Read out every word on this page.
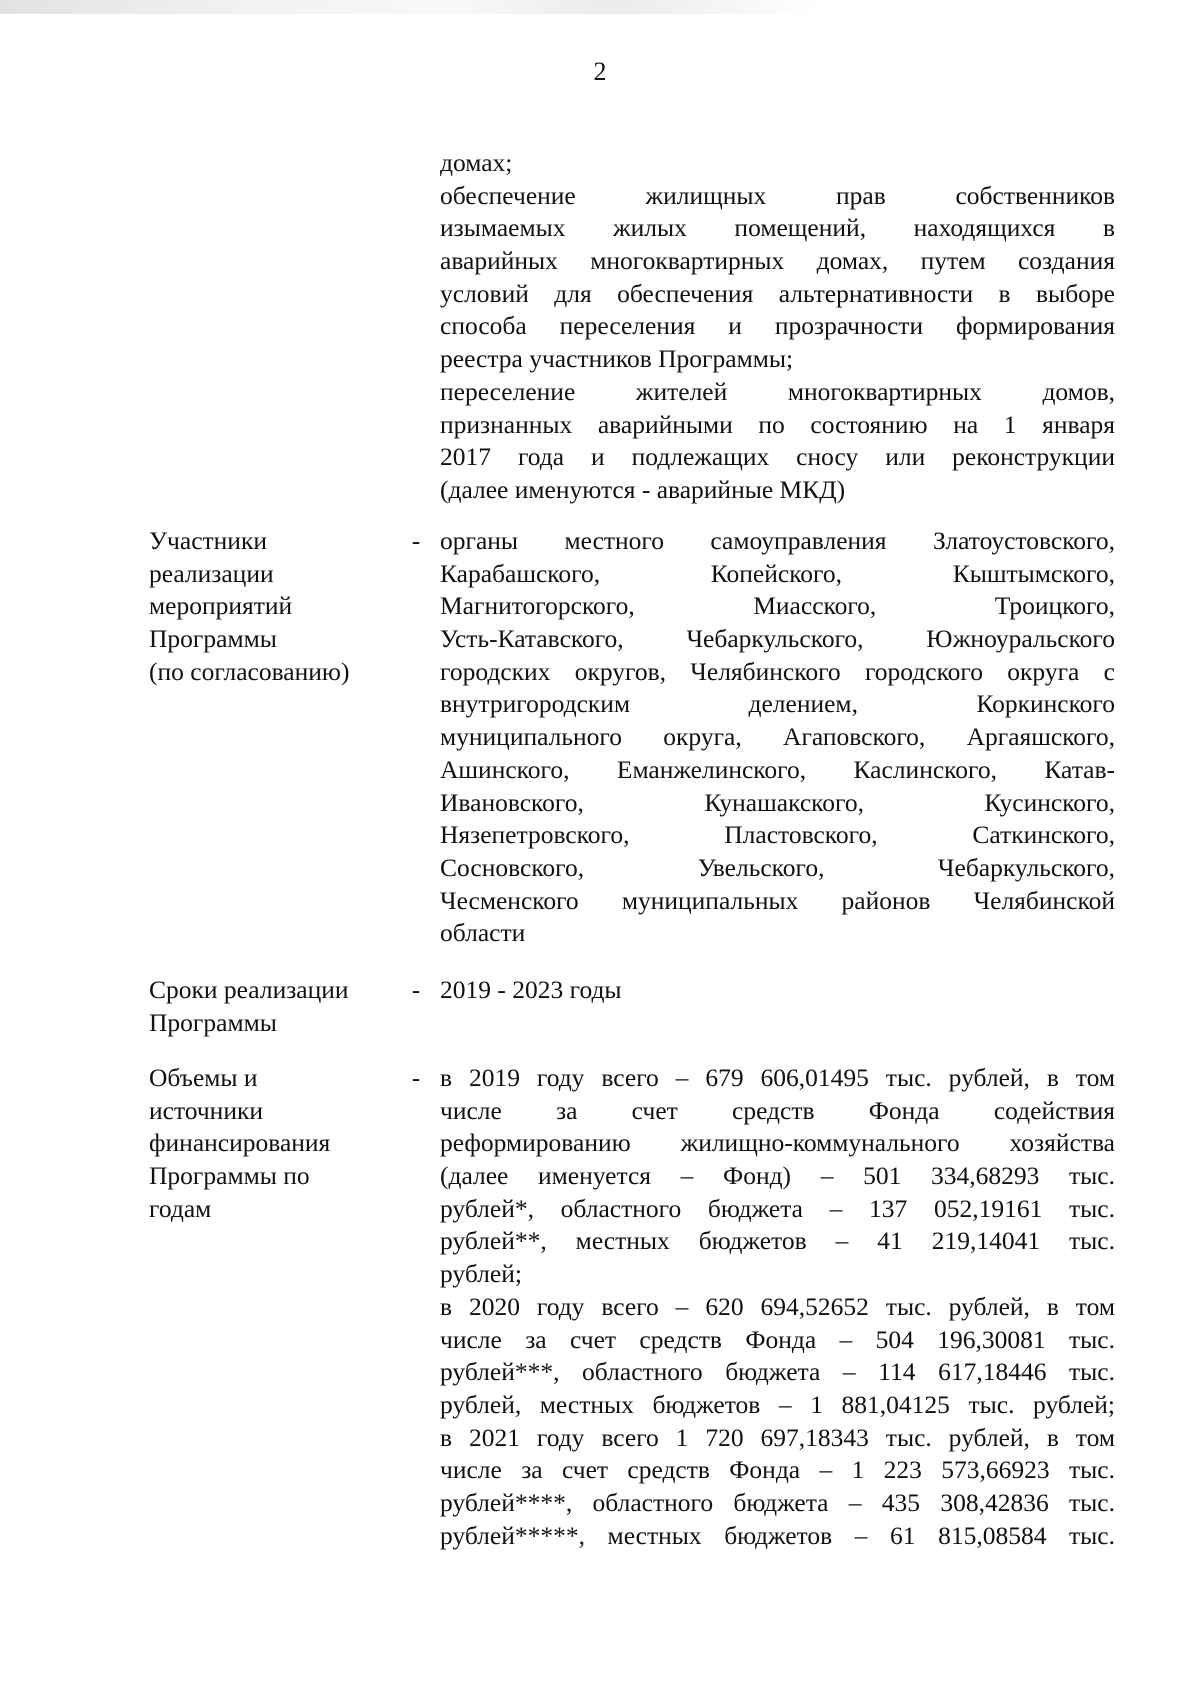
2
домах;
обеспечение жилищных прав собственников
изымаемых жилых помещений, находящихся в
аварийных многоквартирных домах, путем создания
условий для обеспечения альтернативности в выборе
способа переселения и прозрачности формирования
реестра участников Программы;
переселение жителей многоквартирных домов,
признанных аварийными по состоянию на 1 января
2017 года и подлежащих сносу или реконструкции
(далее именуются - аварийные МКД)
Участники
реализации
мероприятий
Программы
(по согласованию)
- органы местного самоуправления Златоустовского,
Карабашского, Копейского, Кыштымского,
Магнитогорского, Миасского, Троицкого,
Усть-Катавского, Чебаркульского, Южноуральского
городских округов, Челябинского городского округа с
внутригородским делением, Коркинского
муниципального округа, Агаповского, Аргаяшского,
Ашинского, Еманжелинского, Каслинского, Катав-
Ивановского, Кунашакского, Кусинского,
Нязепетровского, Пластовского, Саткинского,
Сосновского, Увельского, Чебаркульского,
Чесменского муниципальных районов Челябинской
области
Сроки реализации
Программы
- 2019 - 2023 годы
Объемы и
источники
финансирования
Программы по
годам
- в 2019 году всего – 679 606,01495 тыс. рублей, в том
числе за счет средств Фонда содействия
реформированию жилищно-коммунального хозяйства
(далее именуется – Фонд) – 501 334,68293 тыс.
рублей*, областного бюджета – 137 052,19161 тыс.
рублей**, местных бюджетов – 41 219,14041 тыс.
рублей;
в 2020 году всего – 620 694,52652 тыс. рублей, в том
числе за счет средств Фонда – 504 196,30081 тыс.
рублей***, областного бюджета – 114 617,18446 тыс.
рублей, местных бюджетов – 1 881,04125 тыс. рублей;
в 2021 году всего 1 720 697,18343 тыс. рублей, в том
числе за счет средств Фонда – 1 223 573,66923 тыс.
рублей****, областного бюджета – 435 308,42836 тыс.
рублей*****, местных бюджетов – 61 815,08584 тыс.
